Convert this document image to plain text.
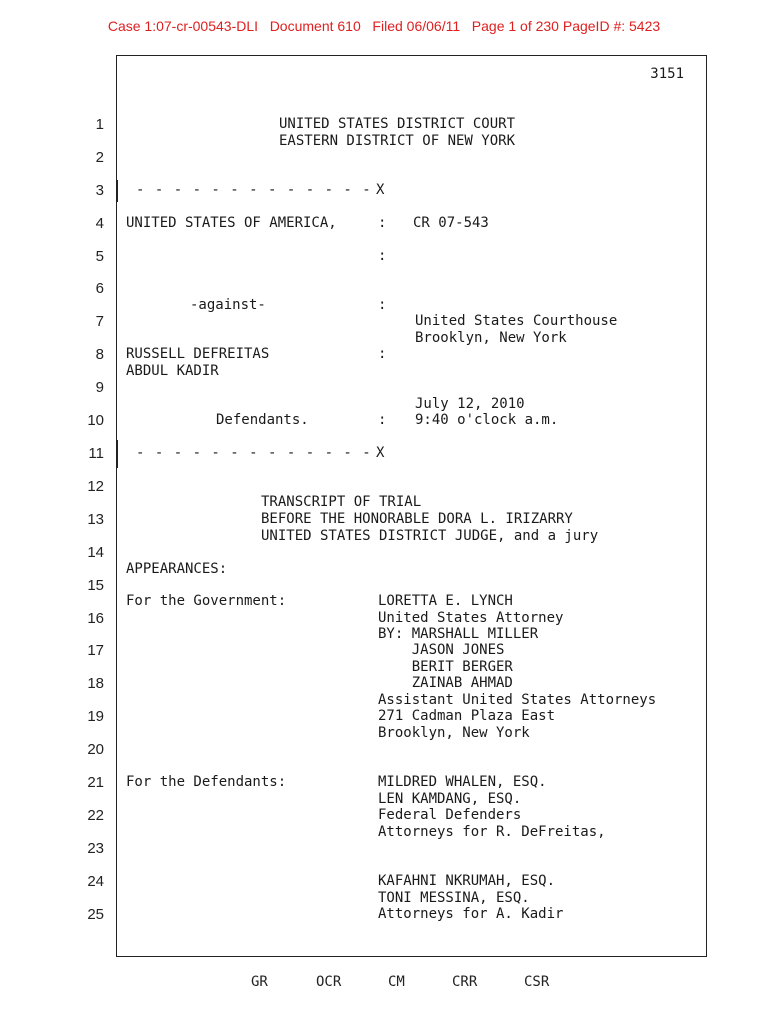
Case 1:07-cr-00543-DLI   Document 610   Filed 06/06/11   Page 1 of 230 PageID #: 5423
3151
1
2
3
4
5
6
7
8
9
10
11
12
13
14
15
16
17
18
19
20
21
22
23
24
25
UNITED STATES DISTRICT COURT
EASTERN DISTRICT OF NEW YORK
- - - - - - - - - - - - - X
UNITED STATES OF AMERICA,	: CR 07-543
:
-against-	:
United States Courthouse
Brooklyn, New York
RUSSELL DEFREITAS	:
ABDUL KADIR
July 12, 2010
Defendants.	: 9:40 o'clock a.m.
- - - - - - - - - - - - - X
TRANSCRIPT OF TRIAL
BEFORE THE HONORABLE DORA L. IRIZARRY
UNITED STATES DISTRICT JUDGE, and a jury
APPEARANCES:
For the Government:	LORETTA E. LYNCH
United States Attorney
BY: MARSHALL MILLER
JASON JONES
BERIT BERGER
ZAINAB AHMAD
Assistant United States Attorneys
271 Cadman Plaza East
Brooklyn, New York
For the Defendants:	MILDRED WHALEN, ESQ.
LEN KAMDANG, ESQ.
Federal Defenders
Attorneys for R. DeFreitas,
KAFAHNI NKRUMAH, ESQ.
TONI MESSINA, ESQ.
Attorneys for A. Kadir
GR	OCR	CM	CRR	CSR
